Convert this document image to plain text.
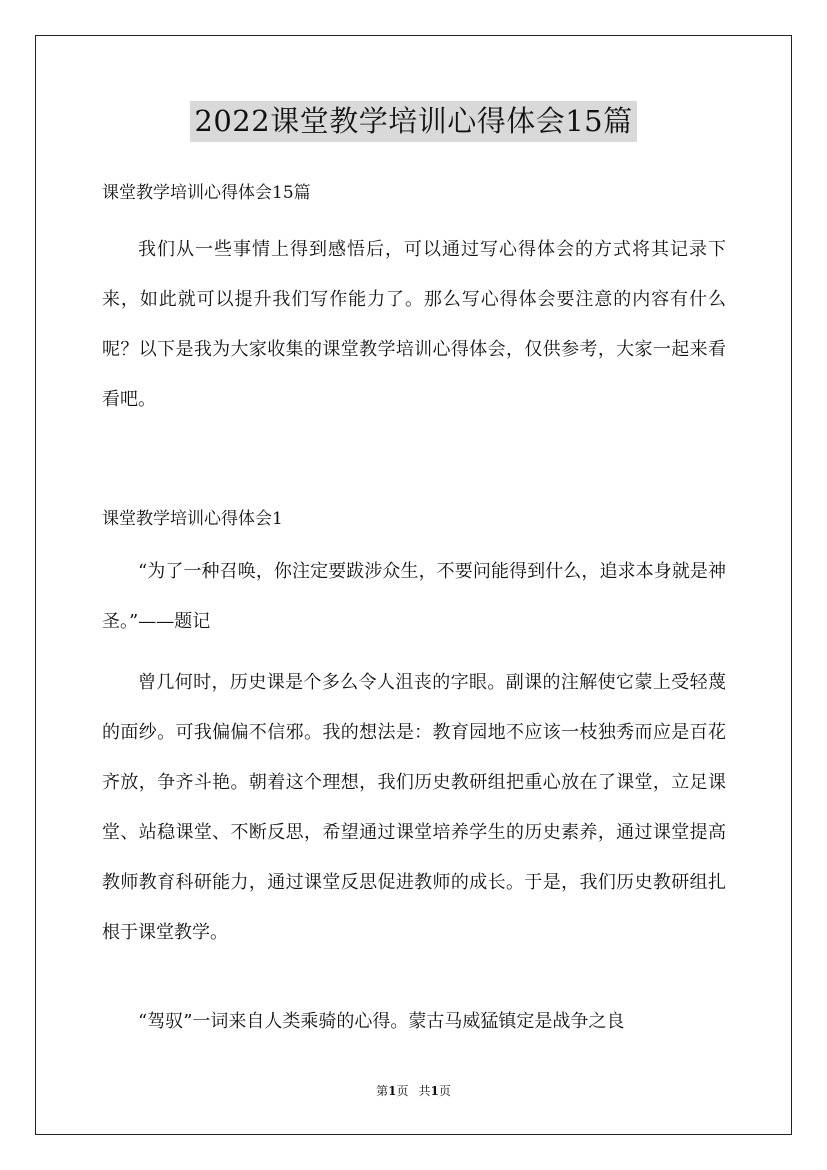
2022课堂教学培训心得体会15篇
课堂教学培训心得体会15篇
我们从一些事情上得到感悟后，可以通过写心得体会的方式将其记录下来，如此就可以提升我们写作能力了。那么写心得体会要注意的内容有什么呢？以下是我为大家收集的课堂教学培训心得体会，仅供参考，大家一起来看看吧。
课堂教学培训心得体会1
“为了一种召唤，你注定要跋涉众生，不要问能得到什么，追求本身就是神圣。”——题记
曾几何时，历史课是个多么令人沮丧的字眼。副课的注解使它蒙上受轻蔑的面纱。可我偏偏不信邪。我的想法是：教育园地不应该一枝独秀而应是百花齐放，争齐斗艳。朝着这个理想，我们历史教研组把重心放在了课堂，立足课堂、站稳课堂、不断反思，希望通过课堂培养学生的历史素养，通过课堂提高教师教育科研能力，通过课堂反思促进教师的成长。于是，我们历史教研组扎根于课堂教学。
“驾驭”一词来自人类乘骑的心得。蒙古马威猛镇定是战争之良
第1页 共1页
